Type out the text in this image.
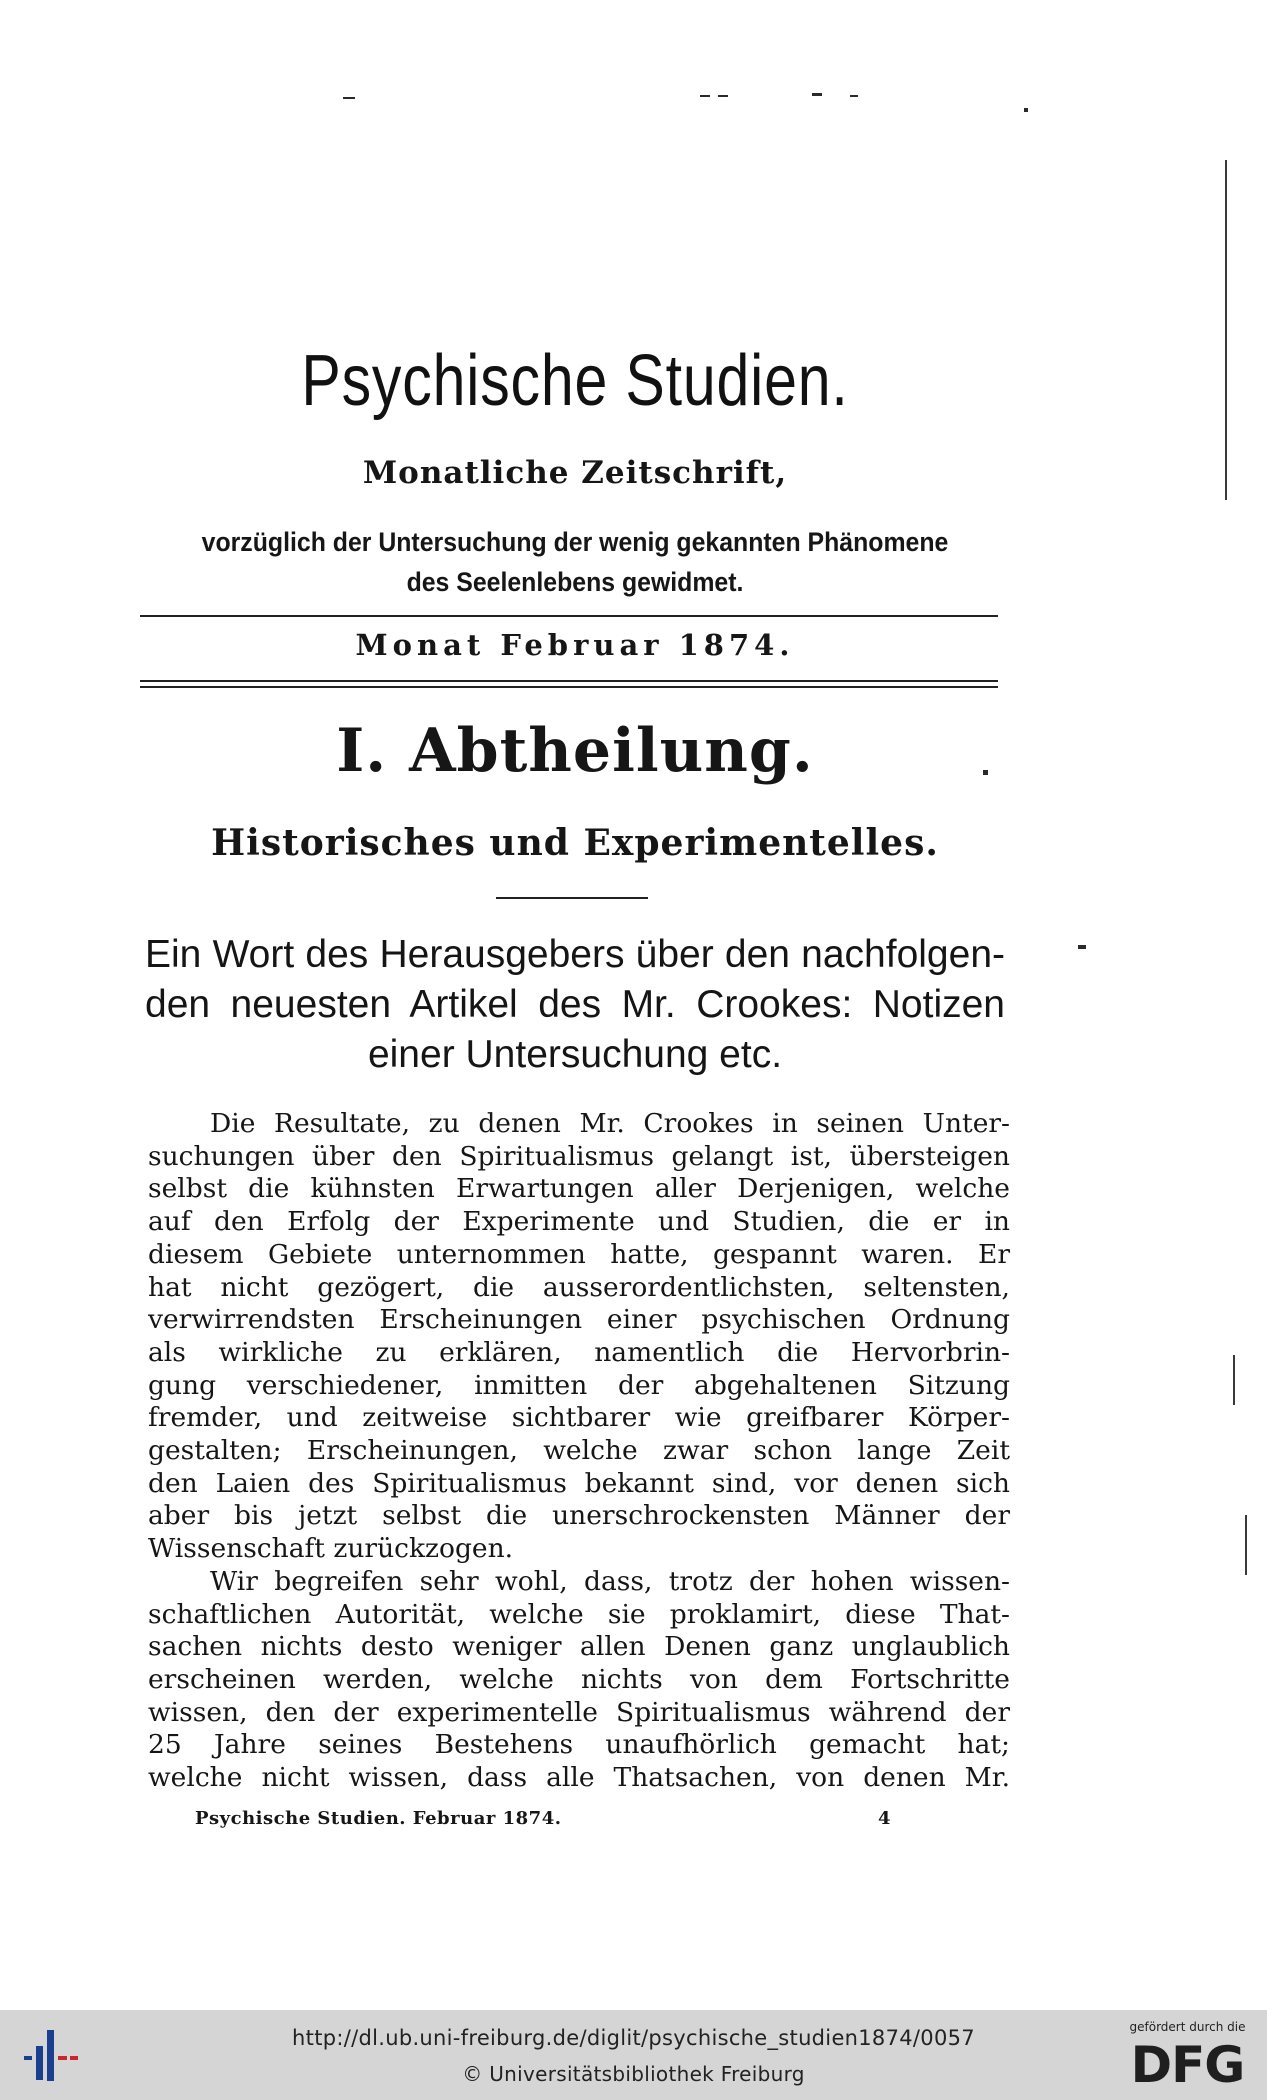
Psychische Studien.
Monatliche Zeitschrift,
vorzüglich der Untersuchung der wenig gekannten Phänomene
des Seelenlebens gewidmet.
Monat Februar 1874.
I. Abtheilung.
Historisches und Experimentelles.
Ein Wort des Herausgebers über den nachfolgen-
den neuesten Artikel des Mr. Crookes: Notizen
einer Untersuchung etc.
Die Resultate, zu denen Mr. Crookes in seinen Unter-
suchungen über den Spiritualismus gelangt ist, übersteigen
selbst die kühnsten Erwartungen aller Derjenigen, welche
auf den Erfolg der Experimente und Studien, die er in
diesem Gebiete unternommen hatte, gespannt waren. Er
hat nicht gezögert, die ausserordentlichsten, seltensten,
verwirrendsten Erscheinungen einer psychischen Ordnung
als wirkliche zu erklären, namentlich die Hervorbrin-
gung verschiedener, inmitten der abgehaltenen Sitzung
fremder, und zeitweise sichtbarer wie greifbarer Körper-
gestalten; Erscheinungen, welche zwar schon lange Zeit
den Laien des Spiritualismus bekannt sind, vor denen sich
aber bis jetzt selbst die unerschrockensten Männer der
Wissenschaft zurückzogen.
Wir begreifen sehr wohl, dass, trotz der hohen wissen-
schaftlichen Autorität, welche sie proklamirt, diese That-
sachen nichts desto weniger allen Denen ganz unglaublich
erscheinen werden, welche nichts von dem Fortschritte
wissen, den der experimentelle Spiritualismus während der
25 Jahre seines Bestehens unaufhörlich gemacht hat;
welche nicht wissen, dass alle Thatsachen, von denen Mr.
Psychische Studien. Februar 1874.	4
http://dl.ub.uni-freiburg.de/diglit/psychische_studien1874/0057
© Universitätsbibliothek Freiburg
gefördert durch die
DFG
